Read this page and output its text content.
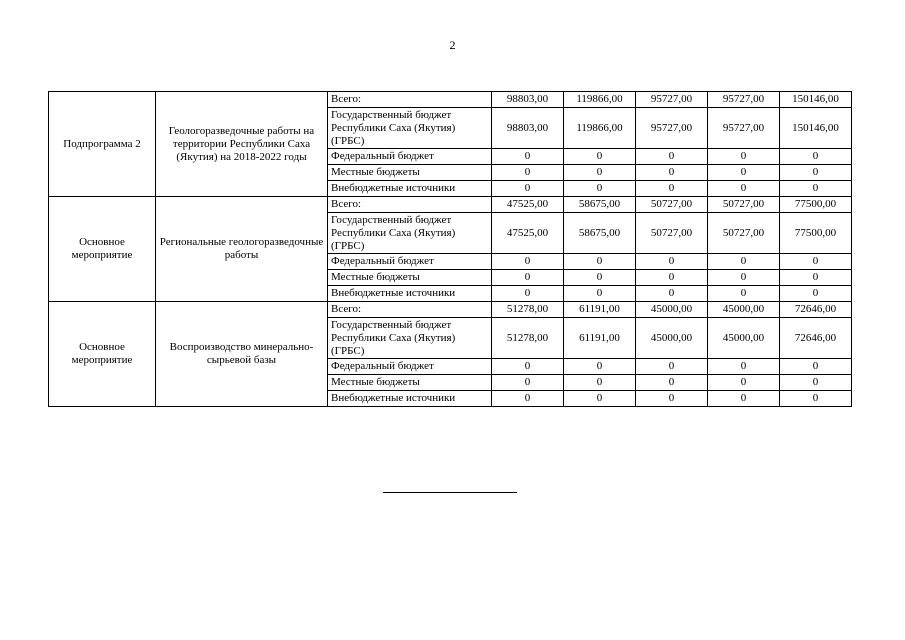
2
Подпрограмма 2	Геологоразведочные работы на территории Республики Саха (Якутия) на 2018-2022 годы	Всего:	98803,00	119866,00	95727,00	95727,00	150146,00
		Государственный бюджет Республики Саха (Якутия) (ГРБС)	98803,00	119866,00	95727,00	95727,00	150146,00
		Федеральный бюджет	0	0	0	0	0
		Местные бюджеты	0	0	0	0	0
		Внебюджетные источники	0	0	0	0	0
Основное мероприятие	Региональные геологоразведочные работы	Всего:	47525,00	58675,00	50727,00	50727,00	77500,00
		Государственный бюджет Республики Саха (Якутия) (ГРБС)	47525,00	58675,00	50727,00	50727,00	77500,00
		Федеральный бюджет	0	0	0	0	0
		Местные бюджеты	0	0	0	0	0
		Внебюджетные источники	0	0	0	0	0
Основное мероприятие	Воспроизводство минерально-сырьевой базы	Всего:	51278,00	61191,00	45000,00	45000,00	72646,00
		Государственный бюджет Республики Саха (Якутия) (ГРБС)	51278,00	61191,00	45000,00	45000,00	72646,00
		Федеральный бюджет	0	0	0	0	0
		Местные бюджеты	0	0	0	0	0
		Внебюджетные источники	0	0	0	0	0
